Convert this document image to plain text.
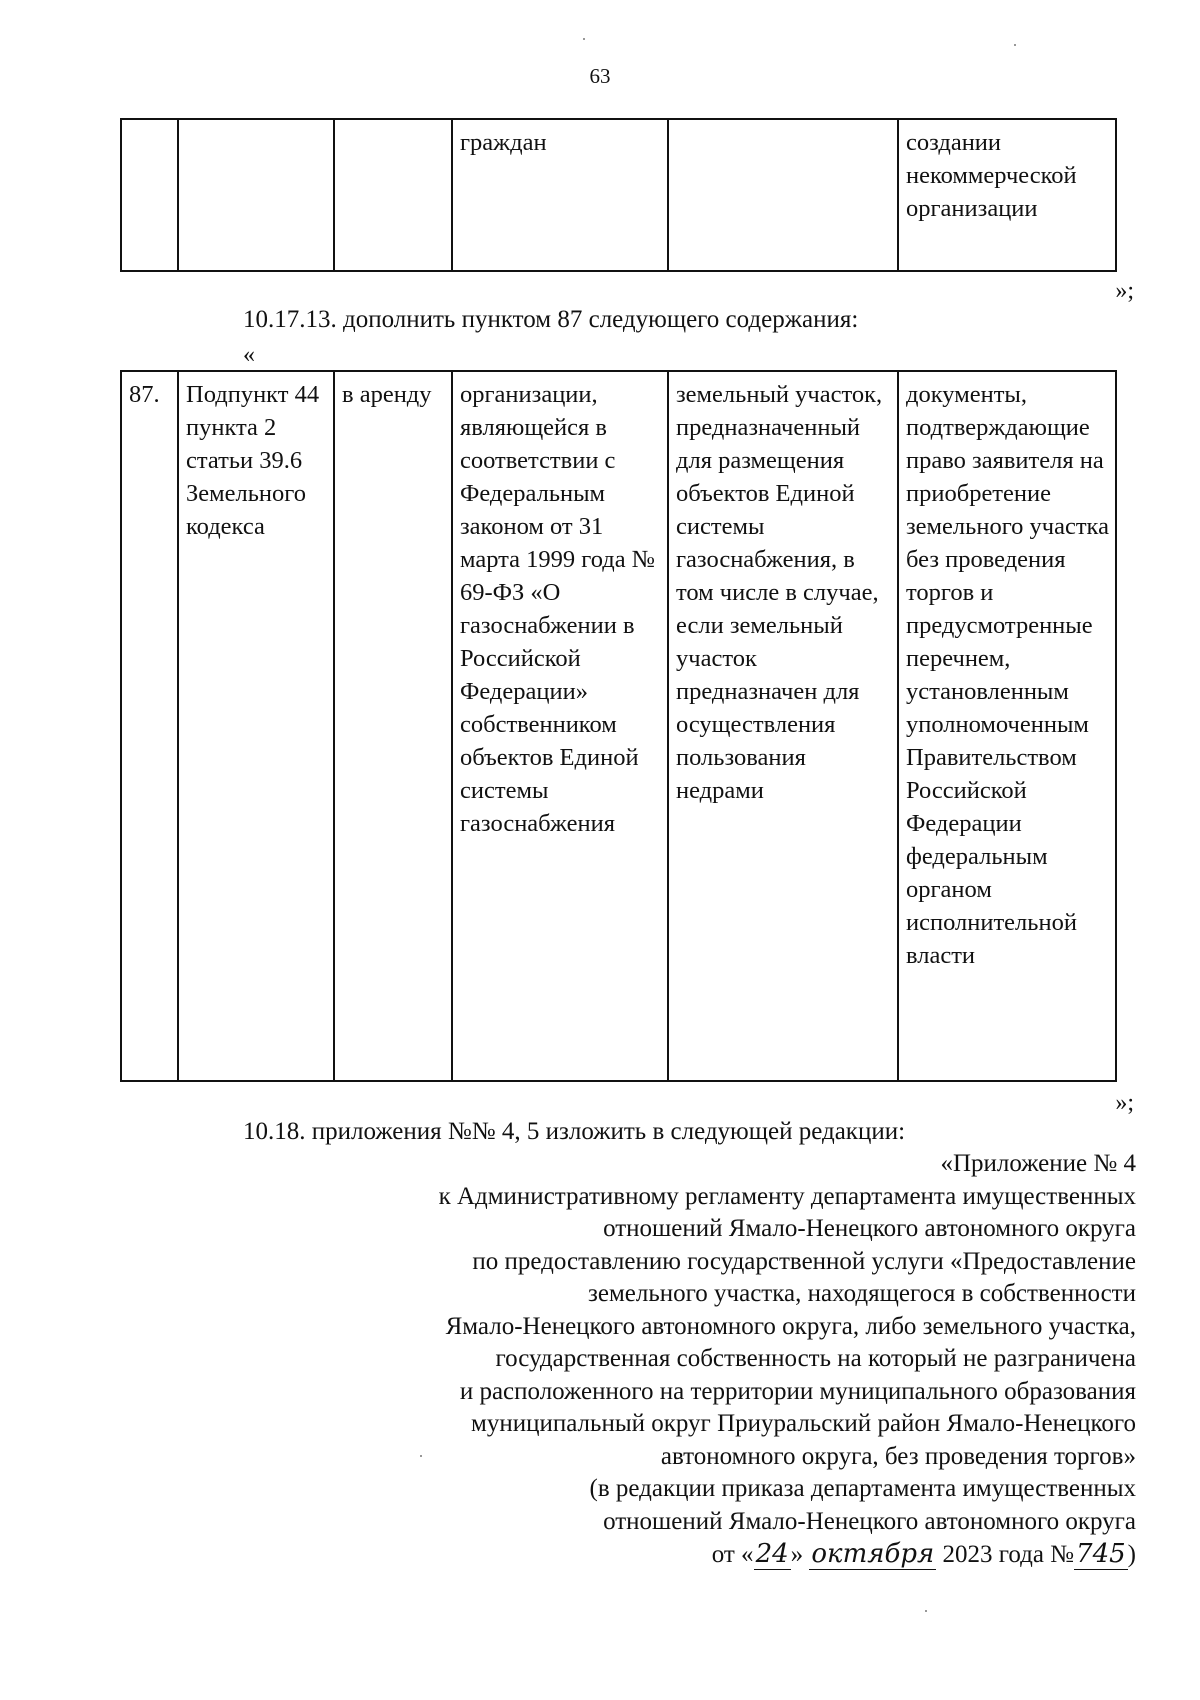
63
			граждан		создании некоммерческой организации
»;
10.17.13. дополнить пунктом 87 следующего содержания:
«
87.	Подпункт 44 пункта 2 статьи 39.6 Земельного кодекса	в аренду	организации, являющейся в соответствии с Федеральным законом от 31 марта 1999 года № 69-ФЗ «О газоснабжении в Российской Федерации» собственником объектов Единой системы газоснабжения	земельный участок, предназначенный для размещения объектов Единой системы газоснабжения, в том числе в случае, если земельный участок предназначен для осуществления пользования недрами	документы, подтверждающие право заявителя на приобретение земельного участка без проведения торгов и предусмотренные перечнем, установленным уполномоченным Правительством Российской Федерации федеральным органом исполнительной власти
»;
10.18. приложения №№ 4, 5 изложить в следующей редакции:
«Приложение № 4
к Административному регламенту департамента имущественных
отношений Ямало-Ненецкого автономного округа
по предоставлению государственной услуги «Предоставление
земельного участка, находящегося в собственности
Ямало-Ненецкого автономного округа, либо земельного участка,
государственная собственность на который не разграничена
и расположенного на территории муниципального образования
муниципальный округ Приуральский район Ямало-Ненецкого
автономного округа, без проведения торгов»
(в редакции приказа департамента имущественных
отношений Ямало-Ненецкого автономного округа
от «24» октября 2023 года №745)
